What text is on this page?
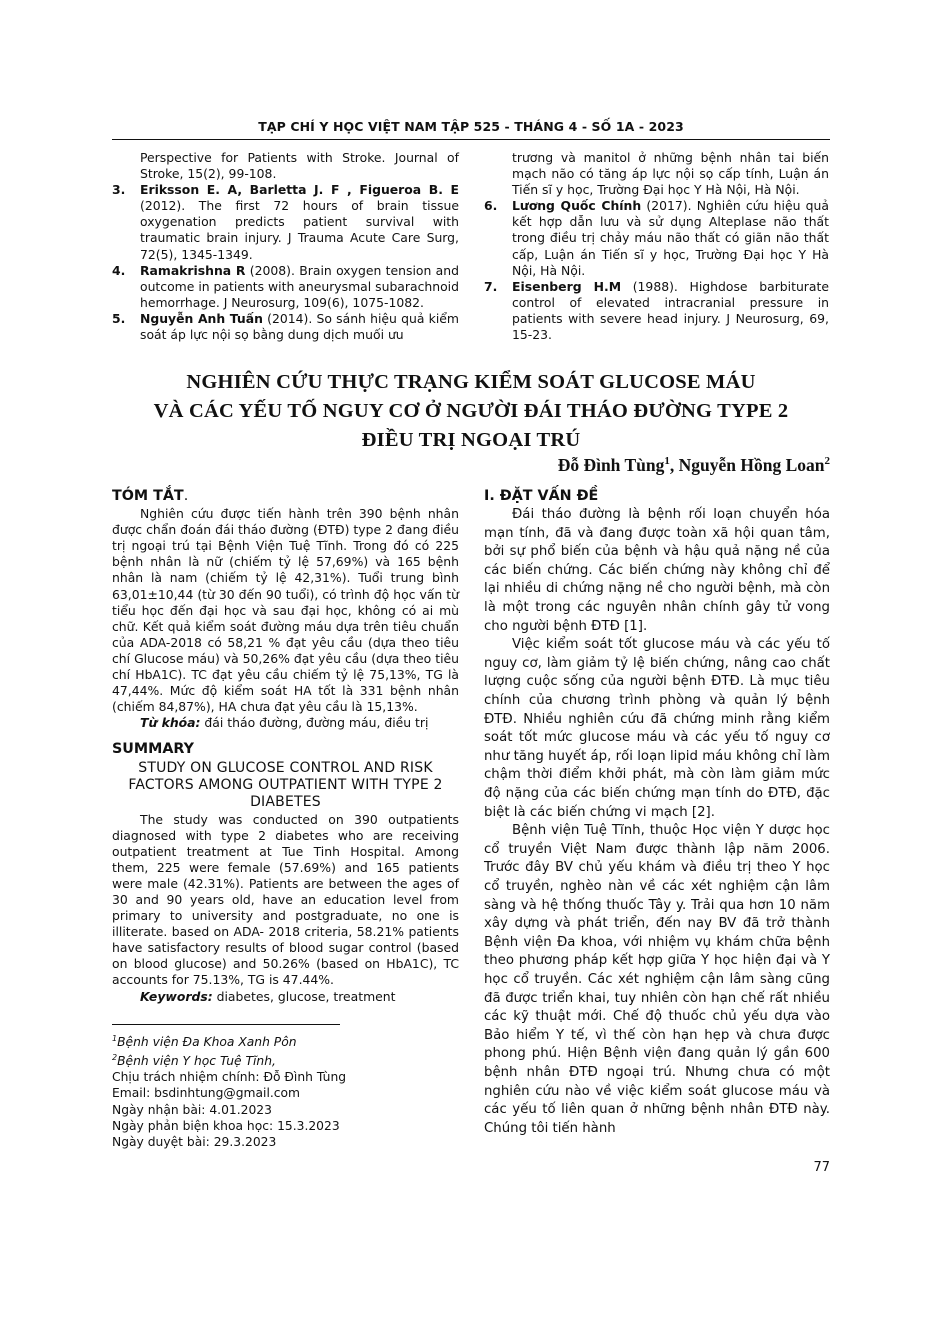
TẠP CHÍ Y HỌC VIỆT NAM TẬP 525 - THÁNG 4 - SỐ 1A - 2023
Perspective for Patients with Stroke. Journal of Stroke, 15(2), 99-108.
3.	Eriksson E. A, Barletta J. F , Figueroa B. E (2012). The first 72 hours of brain tissue oxygenation predicts patient survival with traumatic brain injury. J Trauma Acute Care Surg, 72(5), 1345-1349.
4.	Ramakrishna R (2008). Brain oxygen tension and outcome in patients with aneurysmal subarachnoid hemorrhage. J Neurosurg, 109(6), 1075-1082.
5.	Nguyễn Anh Tuấn (2014). So sánh hiệu quả kiểm soát áp lực nội sọ bằng dung dịch muối ưu
trương và manitol ở những bệnh nhân tai biến mạch não có tăng áp lực nội sọ cấp tính, Luận án Tiến sĩ y học, Trường Đại học Y Hà Nội, Hà Nội.
6.	Lương Quốc Chính (2017). Nghiên cứu hiệu quả kết hợp dẫn lưu và sử dụng Alteplase não thất trong điều trị chảy máu não thất có giãn não thất cấp, Luận án Tiến sĩ y học, Trường Đại học Y Hà Nội, Hà Nội.
7.	Eisenberg H.M (1988). Highdose barbiturate control of elevated intracranial pressure in patients with severe head injury. J Neurosurg, 69, 15-23.
NGHIÊN CỨU THỰC TRẠNG KIỂM SOÁT GLUCOSE MÁU
VÀ CÁC YẾU TỐ NGUY CƠ Ở NGƯỜI ĐÁI THÁO ĐƯỜNG TYPE 2
ĐIỀU TRỊ NGOẠI TRÚ
Đỗ Đình Tùng$^1$, Nguyễn Hồng Loan$^2$
TÓM TẮT.

Nghiên cứu được tiến hành trên 390 bệnh nhân được chẩn đoán đái tháo đường (ĐTĐ) type 2 đang điều trị ngoại trú tại Bệnh Viện Tuệ Tĩnh. Trong đó có 225 bệnh nhân là nữ (chiếm tỷ lệ 57,69%) và 165 bệnh nhân là nam (chiếm tỷ lệ 42,31%). Tuổi trung bình 63,01±10,44 (từ 30 đến 90 tuổi), có trình độ học vấn từ tiểu học đến đại học và sau đại học, không có ai mù chữ. Kết quả kiểm soát đường máu dựa trên tiêu chuẩn của ADA-2018 có 58,21 % đạt yêu cầu (dựa theo tiêu chí Glucose máu) và 50,26% đạt yêu cầu (dựa theo tiêu chí HbA1C). TC đạt yêu cầu chiếm tỷ lệ 75,13%, TG là 47,44%. Mức độ kiểm soát HA tốt là 331 bệnh nhân (chiếm 84,87%), HA chưa đạt yêu cầu là 15,13%.

Từ khóa: đái tháo đường, đường máu, điều trị
SUMMARY
STUDY ON GLUCOSE CONTROL AND RISK FACTORS AMONG OUTPATIENT WITH TYPE 2 DIABETES

The study was conducted on 390 outpatients diagnosed with type 2 diabetes who are receiving outpatient treatment at Tue Tinh Hospital. Among them, 225 were female (57.69%) and 165 patients were male (42.31%). Patients are between the ages of 30 and 90 years old, have an education level from primary to university and postgraduate, no one is illiterate. based on ADA- 2018 criteria, 58.21% patients have satisfactory results of blood sugar control (based on blood glucose) and 50.26% (based on HbA1C), TC accounts for 75.13%, TG is 47.44%.

Keywords: diabetes, glucose, treatment
$^1$Bệnh viện Đa Khoa Xanh Pôn
$^2$Bệnh viện Y học Tuệ Tĩnh,
Chịu trách nhiệm chính: Đỗ Đình Tùng
Email: bsdinhtung@gmail.com
Ngày nhận bài: 4.01.2023
Ngày phản biện khoa học: 15.3.2023
Ngày duyệt bài: 29.3.2023
I. ĐẶT VẤN ĐỀ

Đái tháo đường là bệnh rối loạn chuyển hóa mạn tính, đã và đang được toàn xã hội quan tâm, bởi sự phổ biến của bệnh và hậu quả nặng nề của các biến chứng. Các biến chứng này không chỉ để lại nhiều di chứng nặng nề cho người bệnh, mà còn là một trong các nguyên nhân chính gây tử vong cho người bệnh ĐTĐ [1].

Việc kiểm soát tốt glucose máu và các yếu tố nguy cơ, làm giảm tỷ lệ biến chứng, nâng cao chất lượng cuộc sống của người bệnh ĐTĐ. Là mục tiêu chính của chương trình phòng và quản lý bệnh ĐTĐ. Nhiều nghiên cứu đã chứng minh rằng kiểm soát tốt mức glucose máu và các yếu tố nguy cơ như tăng huyết áp, rối loạn lipid máu không chỉ làm chậm thời điểm khởi phát, mà còn làm giảm mức độ nặng của các biến chứng mạn tính do ĐTĐ, đặc biệt là các biến chứng vi mạch [2].

Bệnh viện Tuệ Tĩnh, thuộc Học viện Y dược học cổ truyền Việt Nam được thành lập năm 2006. Trước đây BV chủ yếu khám và điều trị theo Y học cổ truyền, nghèo nàn về các xét nghiệm cận lâm sàng và hệ thống thuốc Tây y. Trải qua hơn 10 năm xây dựng và phát triển, đến nay BV đã trở thành Bệnh viện Đa khoa, với nhiệm vụ khám chữa bệnh theo phương pháp kết hợp giữa Y học hiện đại và Y học cổ truyền. Các xét nghiệm cận lâm sàng cũng đã được triển khai, tuy nhiên còn hạn chế rất nhiều các kỹ thuật mới. Chế độ thuốc chủ yếu dựa vào Bảo hiểm Y tế, vì thế còn hạn hẹp và chưa được phong phú. Hiện Bệnh viện đang quản lý gần 600 bệnh nhân ĐTĐ ngoại trú. Nhưng chưa có một nghiên cứu nào về việc kiểm soát glucose máu và các yếu tố liên quan ở những bệnh nhân ĐTĐ này. Chúng tôi tiến hành

77
